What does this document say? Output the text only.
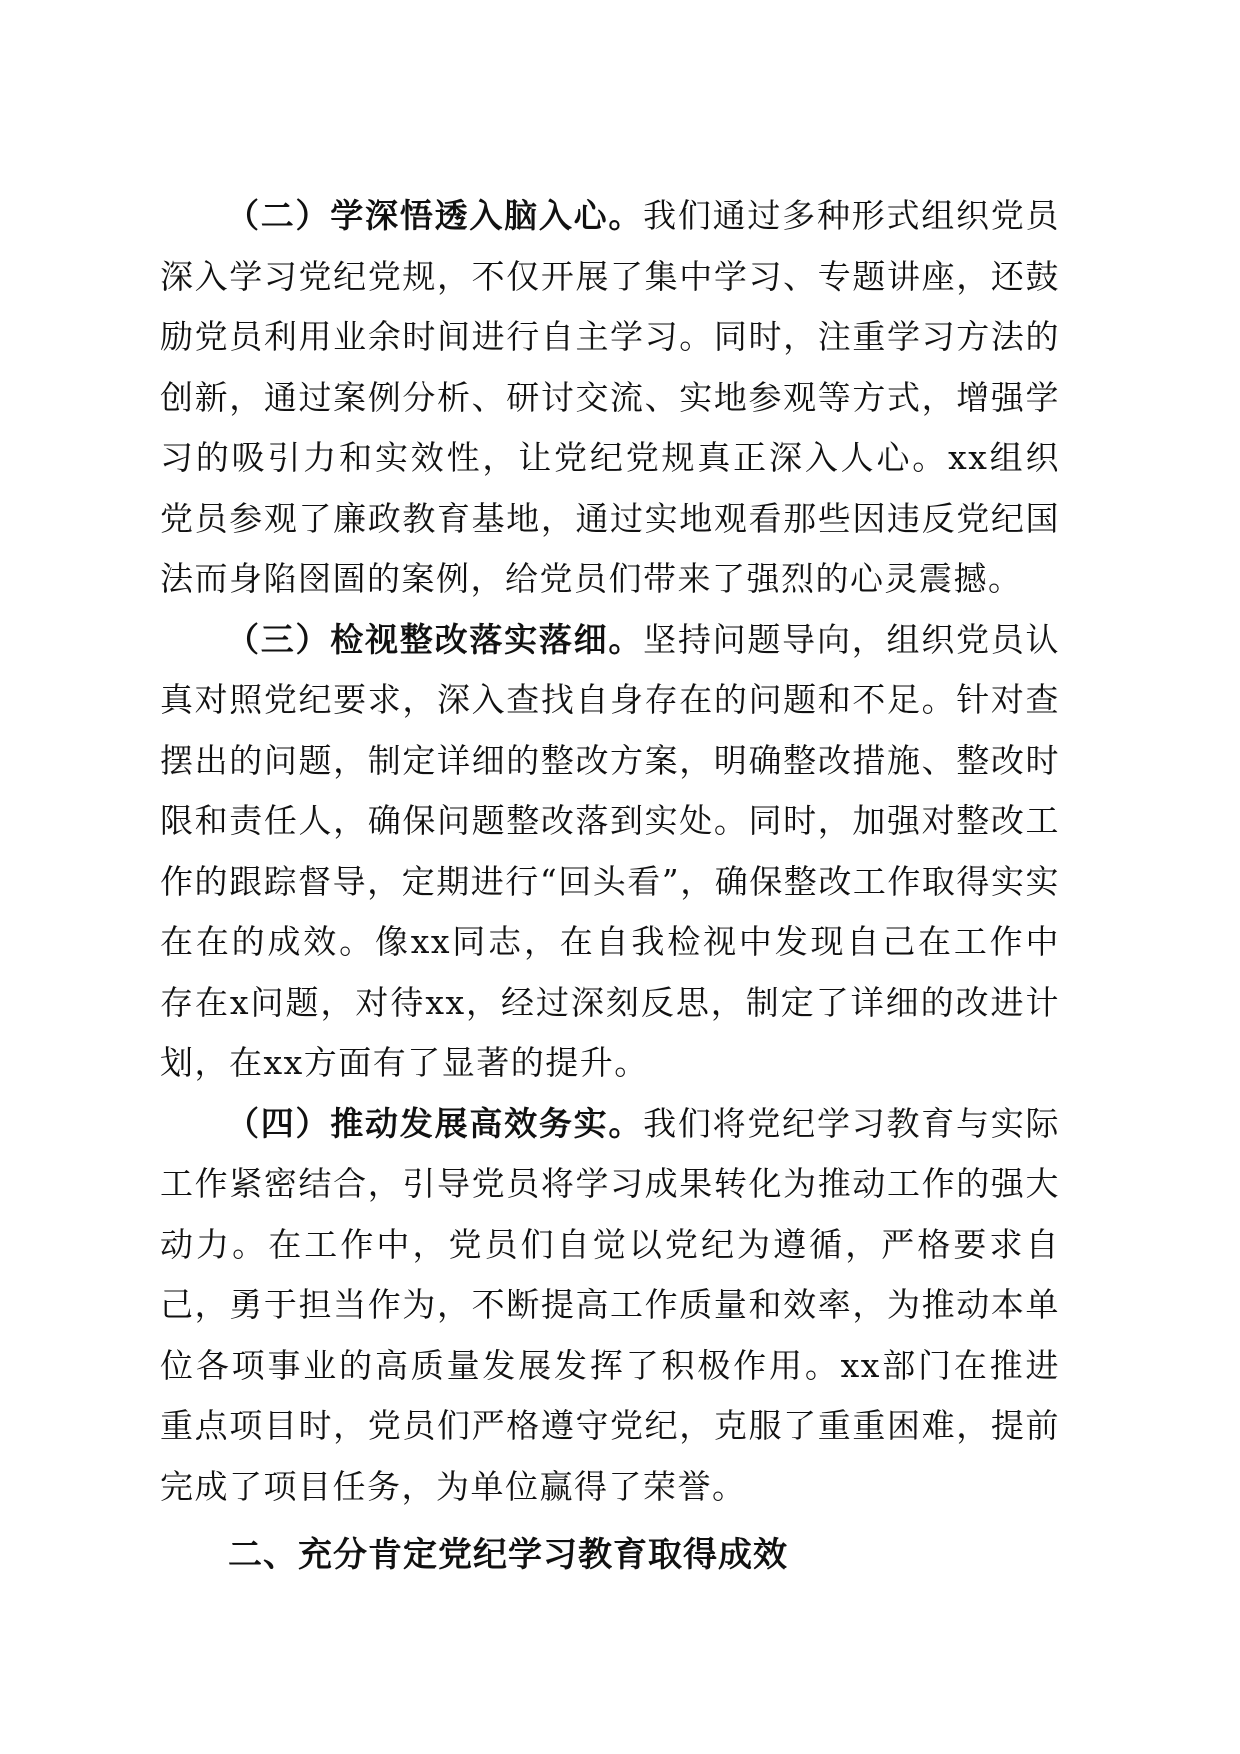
（二）学深悟透入脑入心。我们通过多种形式组织党员深入学习党纪党规，不仅开展了集中学习、专题讲座，还鼓励党员利用业余时间进行自主学习。同时，注重学习方法的创新，通过案例分析、研讨交流、实地参观等方式，增强学习的吸引力和实效性，让党纪党规真正深入人心。xx组织党员参观了廉政教育基地，通过实地观看那些因违反党纪国法而身陷囹圄的案例，给党员们带来了强烈的心灵震撼。

（三）检视整改落实落细。坚持问题导向，组织党员认真对照党纪要求，深入查找自身存在的问题和不足。针对查摆出的问题，制定详细的整改方案，明确整改措施、整改时限和责任人，确保问题整改落到实处。同时，加强对整改工作的跟踪督导，定期进行“回头看”，确保整改工作取得实实在在的成效。像xx同志，在自我检视中发现自己在工作中存在x问题，对待xx，经过深刻反思，制定了详细的改进计划，在xx方面有了显著的提升。

（四）推动发展高效务实。我们将党纪学习教育与实际工作紧密结合，引导党员将学习成果转化为推动工作的强大动力。在工作中，党员们自觉以党纪为遵循，严格要求自己，勇于担当作为，不断提高工作质量和效率，为推动本单位各项事业的高质量发展发挥了积极作用。xx部门在推进重点项目时，党员们严格遵守党纪，克服了重重困难，提前完成了项目任务，为单位赢得了荣誉。

二、充分肯定党纪学习教育取得成效
